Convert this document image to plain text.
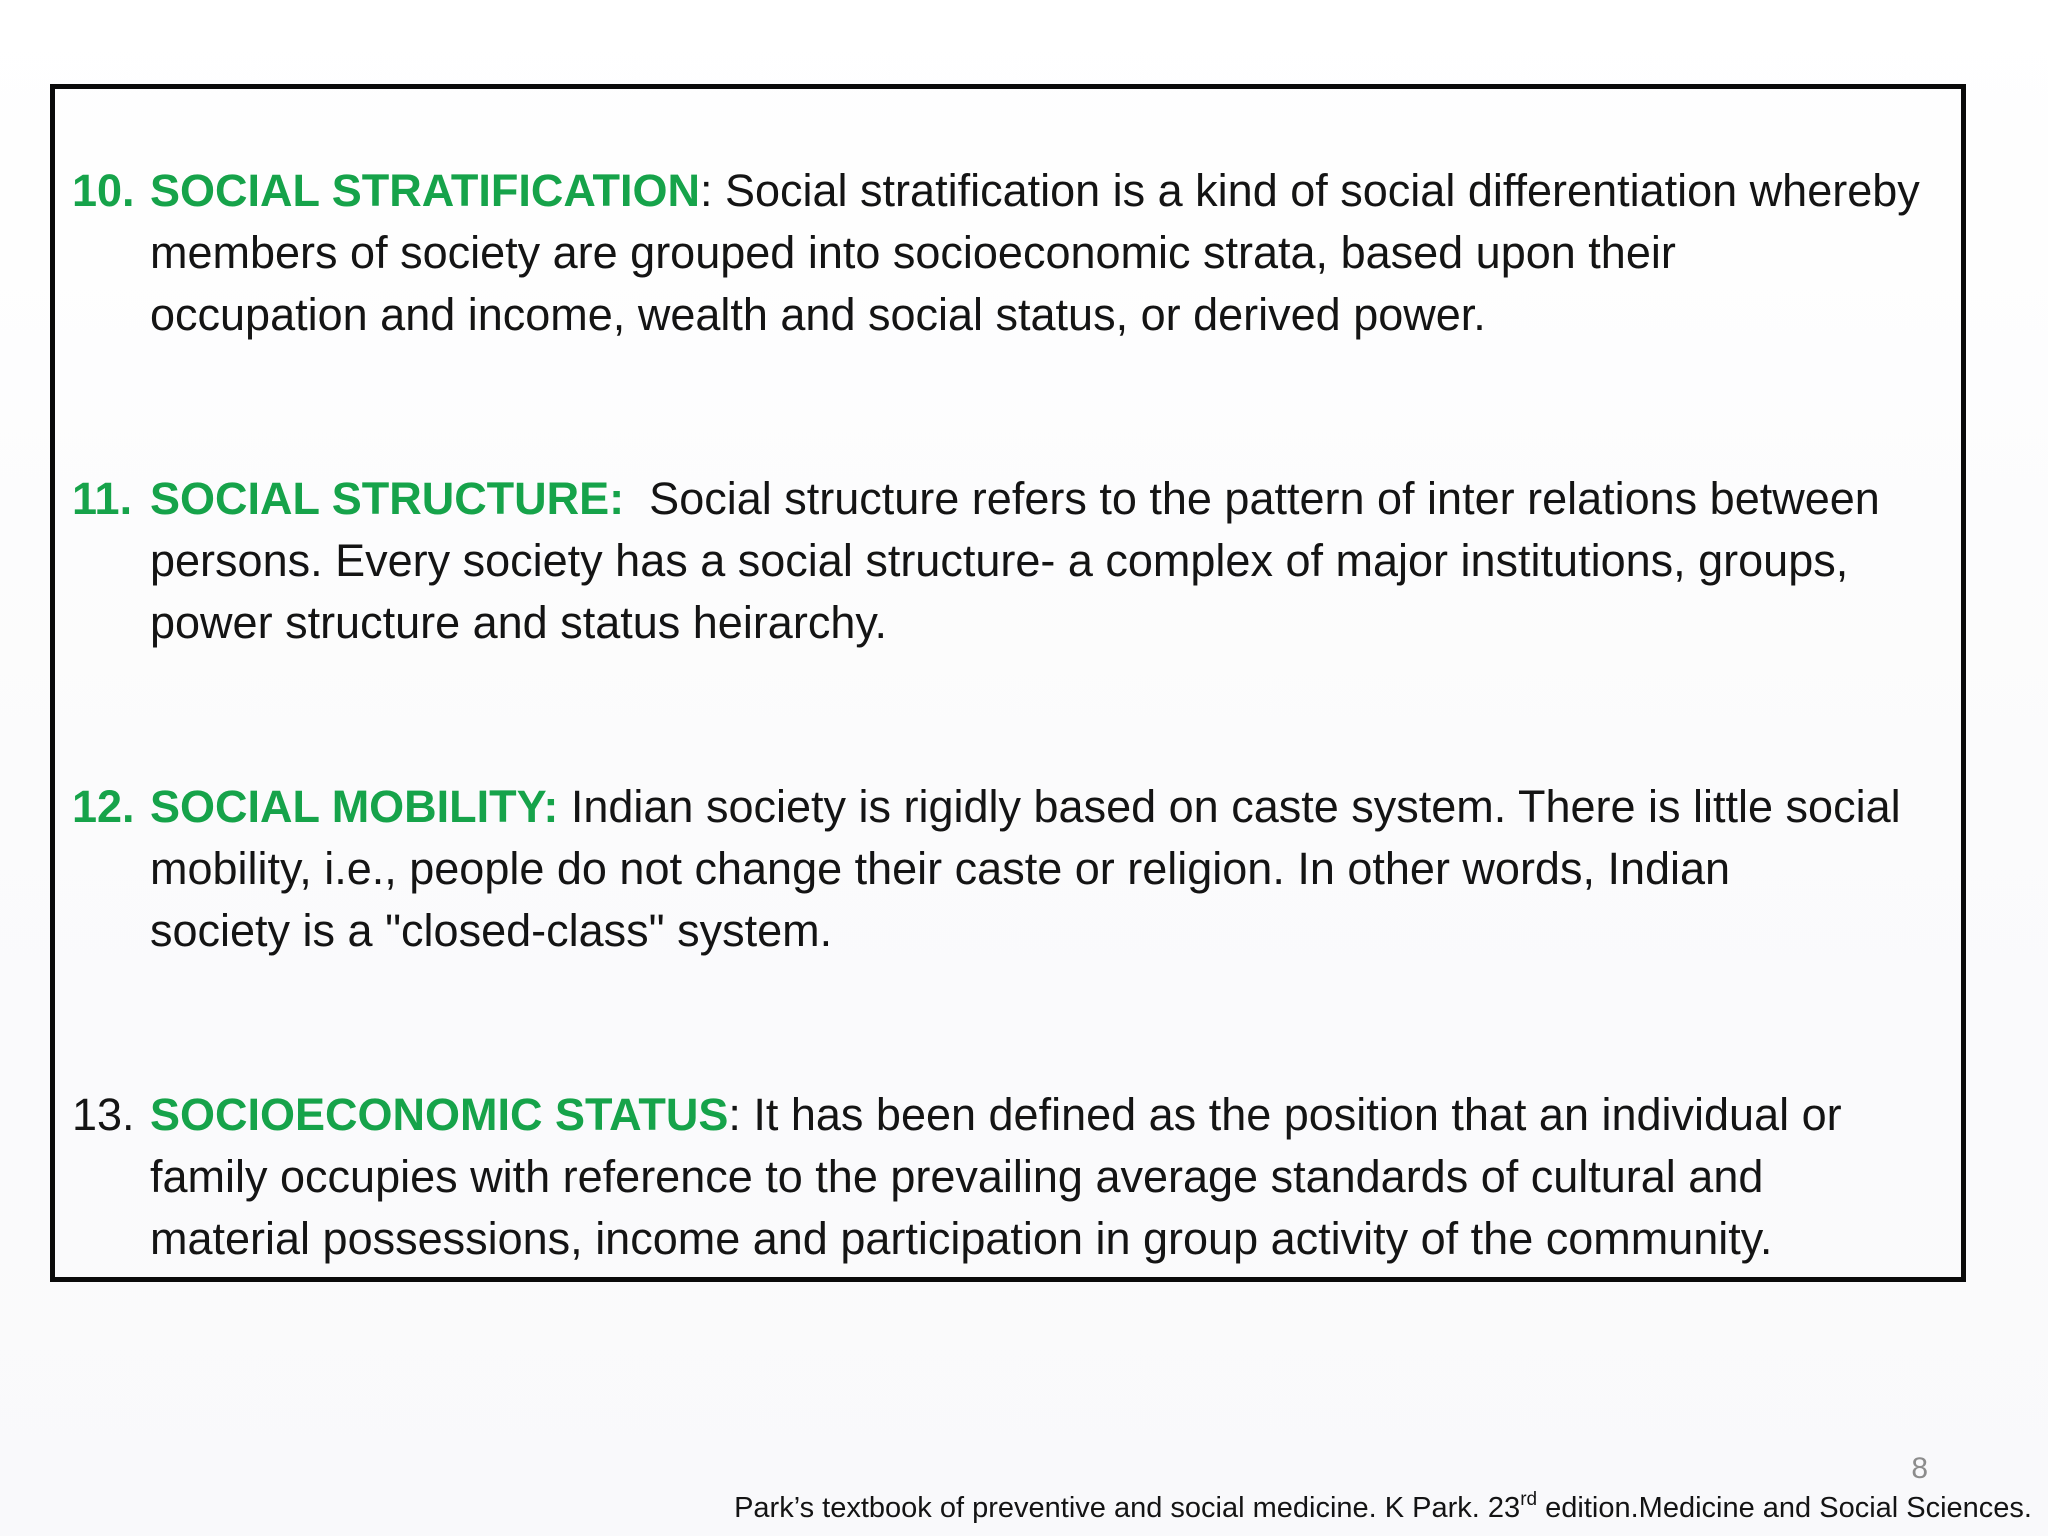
10. SOCIAL STRATIFICATION: Social stratification is a kind of social differentiation whereby
members of society are grouped into socioeconomic strata, based upon their
occupation and income, wealth and social status, or derived power.
11. SOCIAL STRUCTURE:  Social structure refers to the pattern of inter relations between
persons. Every society has a social structure- a complex of major institutions, groups,
power structure and status heirarchy.
12. SOCIAL MOBILITY: Indian society is rigidly based on caste system. There is little social
mobility, i.e., people do not change their caste or religion. In other words, Indian
society is a "closed-class" system.
13. SOCIOECONOMIC STATUS: It has been defined as the position that an individual or
family occupies with reference to the prevailing average standards of cultural and
material possessions, income and participation in group activity of the community.
8
Park’s textbook of preventive and social medicine. K Park. 23rd edition.Medicine and Social Sciences.
